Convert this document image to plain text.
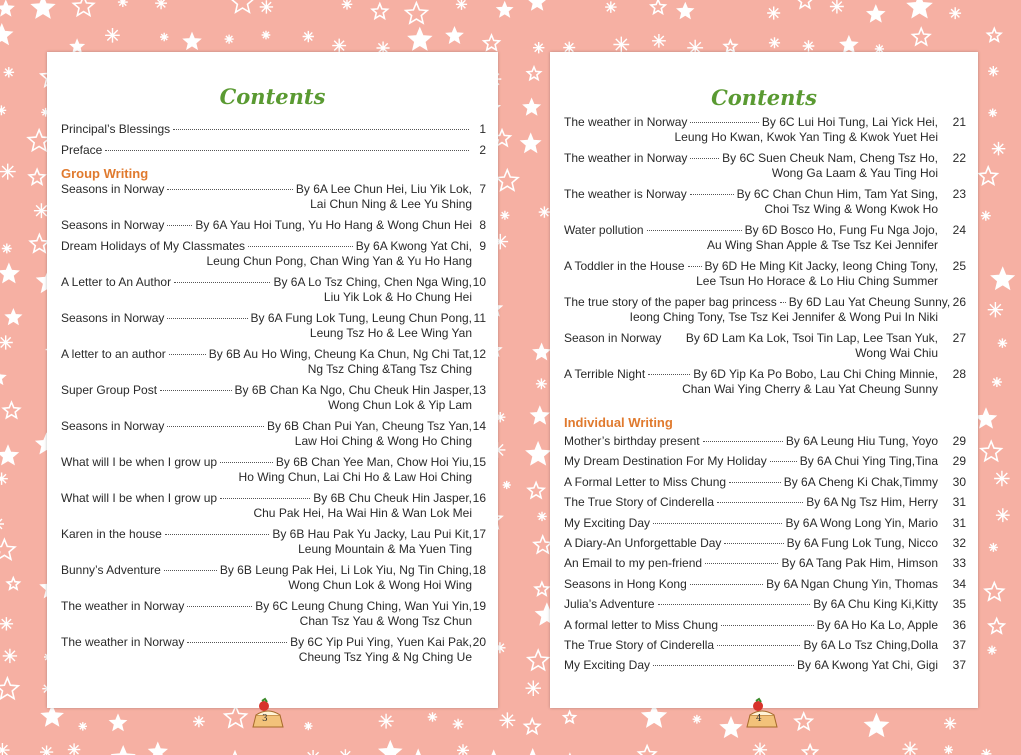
Contents
Principal’s Blessings	1
Preface	2
Group Writing
Seasons in Norway	By 6A Lee Chun Hei, Liu Yik Lok,
Lai Chun Ning & Lee Yu Shing
7
Seasons in Norway	By 6A Yau Hoi Tung, Yu Ho Hang & Wong Chun Hei 8
Dream Holidays of My Classmates	By 6A Kwong Yat Chi,
Leung Chun Pong, Chan Wing Yan & Yu Ho Hang
9
A Letter to An Author	By 6A Lo Tsz Ching, Chen Nga Wing,
Liu Yik Lok & Ho Chung Hei
10
Seasons in Norway	By 6A Fung Lok Tung, Leung Chun Pong,
Leung Tsz Ho & Lee Wing Yan
11
A letter to an author	By 6B Au Ho Wing, Cheung Ka Chun, Ng Chi Tat,
Ng Tsz Ching &Tang Tsz Ching
12
Super Group Post	By 6B Chan Ka Ngo, Chu Cheuk Hin Jasper,
Wong Chun Lok & Yip Lam
13
Seasons in Norway	By 6B Chan Pui Yan, Cheung Tsz Yan,
Law Hoi Ching & Wong Ho Ching
14
What will I be when I grow up	By 6B Chan Yee Man, Chow Hoi Yiu,
Ho Wing Chun, Lai Chi Ho & Law Hoi Ching
15
What will I be when I grow up	By 6B Chu Cheuk Hin Jasper,
Chu Pak Hei, Ha Wai Hin & Wan Lok Mei
16
Karen in the house	By 6B Hau Pak Yu Jacky, Lau Pui Kit,
Leung Mountain & Ma Yuen Ting
17
Bunny’s Adventure	By 6B Leung Pak Hei, Li Lok Yiu, Ng Tin Ching,
Wong Chun Lok & Wong Hoi Wing
18
The weather in Norway	By 6C Leung Chung Ching, Wan Yui Yin,
Chan Tsz Yau & Wong Tsz Chun
19
The weather in Norway	By 6C Yip Pui Ying, Yuen Kai Pak,
Cheung Tsz Ying & Ng Ching Ue
20
Contents
The weather in Norway	By 6C Lui Hoi Tung, Lai Yick Hei,
Leung Ho Kwan, Kwok Yan Ting & Kwok Yuet Hei
21
The weather in Norway	By 6C Suen Cheuk Nam, Cheng Tsz Ho,
Wong Ga Laam & Yau Ting Hoi
22
The weather is Norway	By 6C Chan Chun Him, Tam Yat Sing,
Choi Tsz Wing & Wong Kwok Ho
23
Water pollution	By 6D Bosco Ho, Fung Fu Nga Jojo,
Au Wing Shan Apple & Tse Tsz Kei Jennifer
24
A Toddler in the House By 6D He Ming Kit Jacky, Ieong Ching Tony,
Lee Tsun Ho Horace & Lo Hiu Ching Summer
25
The true story of the paper bag princess By 6D Lau Yat Cheung Sunny,
Ieong Ching Tony, Tse Tsz Kei Jennifer & Wong Pui In Niki
26
Season in Norway By 6D Lam Ka Lok, Tsoi Tin Lap, Lee Tsan Yuk,
Wong Wai Chiu
27
A Terrible Night	By 6D Yip Ka Po Bobo, Lau Chi Ching Minnie,
Chan Wai Ying Cherry & Lau Yat Cheung Sunny
28
Individual Writing
Mother’s birthday present	By 6A Leung Hiu Tung, Yoyo	29
My Dream Destination For My Holiday	By 6A Chui Ying Ting,Tina	29
A Formal Letter to Miss Chung	By 6A Cheng Ki Chak,Timmy	30
The True Story of Cinderella	By 6A Ng Tsz Him, Herry	31
My Exciting Day	By 6A Wong Long Yin, Mario	31
A Diary-An Unforgettable Day	By 6A Fung Lok Tung, Nicco	32
An Email to my pen-friend	By 6A Tang Pak Him, Himson	33
Seasons in Hong Kong	By 6A Ngan Chung Yin, Thomas	34
Julia’s Adventure	By 6A Chu King Ki,Kitty	35
A formal letter to Miss Chung	By 6A Ho Ka Lo, Apple	36
The True Story of Cinderella	By 6A Lo Tsz Ching,Dolla	37
My Exciting Day	By 6A Kwong Yat Chi, Gigi	37
3	4
